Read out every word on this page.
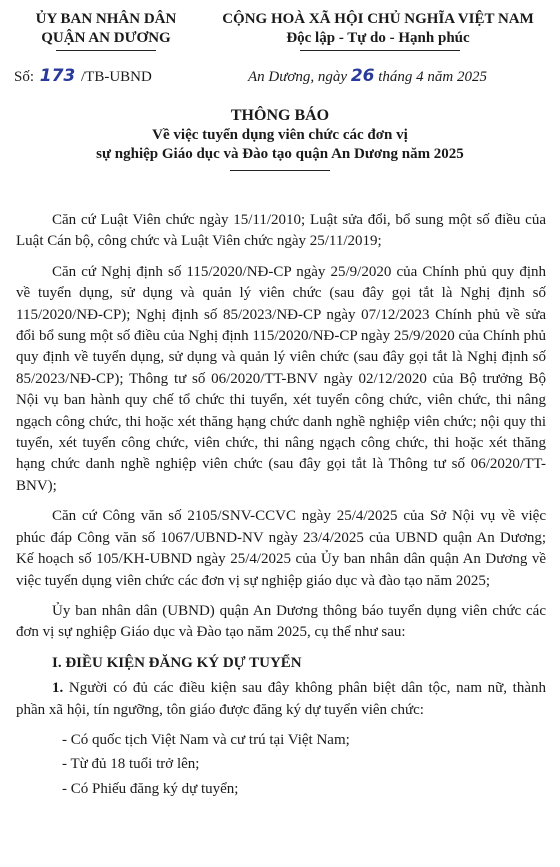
ỦY BAN NHÂN DÂN
QUẬN AN DƯƠNG
CỘNG HOÀ XÃ HỘI CHỦ NGHĨA VIỆT NAM
Độc lập - Tự do - Hạnh phúc
Số: 173 /TB-UBND	An Dương, ngày 26 tháng 4 năm 2025
THÔNG BÁO
Về việc tuyển dụng viên chức các đơn vị
sự nghiệp Giáo dục và Đào tạo quận An Dương năm 2025

Căn cứ Luật Viên chức ngày 15/11/2010; Luật sửa đổi, bổ sung một số điều của Luật Cán bộ, công chức và Luật Viên chức ngày 25/11/2019;

Căn cứ Nghị định số 115/2020/NĐ-CP ngày 25/9/2020 của Chính phủ quy định về tuyển dụng, sử dụng và quản lý viên chức (sau đây gọi tắt là Nghị định số 115/2020/NĐ-CP); Nghị định số 85/2023/NĐ-CP ngày 07/12/2023 Chính phủ về sửa đổi bổ sung một số điều của Nghị định 115/2020/NĐ-CP ngày 25/9/2020 của Chính phủ quy định về tuyển dụng, sử dụng và quản lý viên chức (sau đây gọi tắt là Nghị định số 85/2023/NĐ-CP); Thông tư số 06/2020/TT-BNV ngày 02/12/2020 của Bộ trưởng Bộ Nội vụ ban hành quy chế tổ chức thi tuyển, xét tuyển công chức, viên chức, thi nâng ngạch công chức, thi hoặc xét thăng hạng chức danh nghề nghiệp viên chức; nội quy thi tuyển, xét tuyển công chức, viên chức, thi nâng ngạch công chức, thi hoặc xét thăng hạng chức danh nghề nghiệp viên chức (sau đây gọi tắt là Thông tư số 06/2020/TT-BNV);

Căn cứ Công văn số 2105/SNV-CCVC ngày 25/4/2025 của Sở Nội vụ về việc phúc đáp Công văn số 1067/UBND-NV ngày 23/4/2025 của UBND quận An Dương; Kế hoạch số 105/KH-UBND ngày 25/4/2025 của Ủy ban nhân dân quận An Dương về việc tuyển dụng viên chức các đơn vị sự nghiệp giáo dục và đào tạo năm 2025;

Ủy ban nhân dân (UBND) quận An Dương thông báo tuyển dụng viên chức các đơn vị sự nghiệp Giáo dục và Đào tạo năm 2025, cụ thể như sau:

I. ĐIỀU KIỆN ĐĂNG KÝ DỰ TUYỂN

1. Người có đủ các điều kiện sau đây không phân biệt dân tộc, nam nữ, thành phần xã hội, tín ngưỡng, tôn giáo được đăng ký dự tuyển viên chức:

- Có quốc tịch Việt Nam và cư trú tại Việt Nam;

- Từ đủ 18 tuổi trở lên;

- Có Phiếu đăng ký dự tuyển;
